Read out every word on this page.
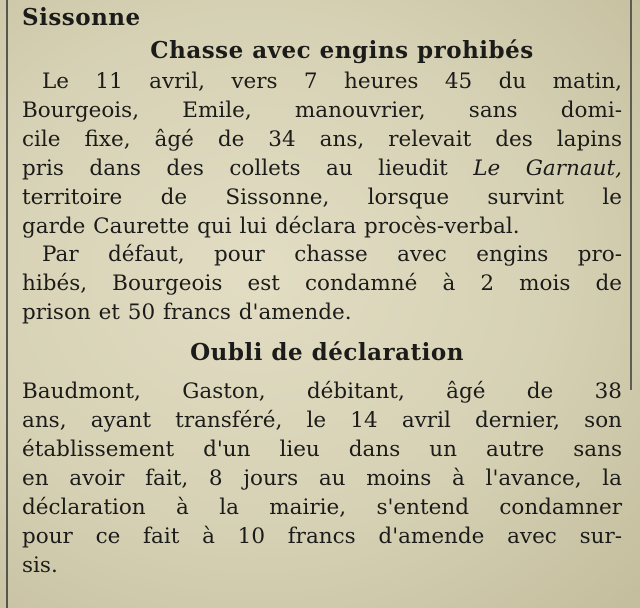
Sissonne
Chasse avec engins prohibés

Le 11 avril, vers 7 heures 45 du matin,
Bourgeois, Emile, manouvrier, sans domi-
cile fixe, âgé de 34 ans, relevait des lapins
pris dans des collets au lieudit Le Garnaut,
territoire de Sissonne, lorsque survint le
garde Caurette qui lui déclara procès-verbal.

Par défaut, pour chasse avec engins pro-
hibés, Bourgeois est condamné à 2 mois de
prison et 50 francs d'amende.

Oubli de déclaration

Baudmont, Gaston, débitant, âgé de 38
ans, ayant transféré, le 14 avril dernier, son
établissement d'un lieu dans un autre sans
en avoir fait, 8 jours au moins à l'avance, la
déclaration à la mairie, s'entend condamner
pour ce fait à 10 francs d'amende avec sur-
sis.
